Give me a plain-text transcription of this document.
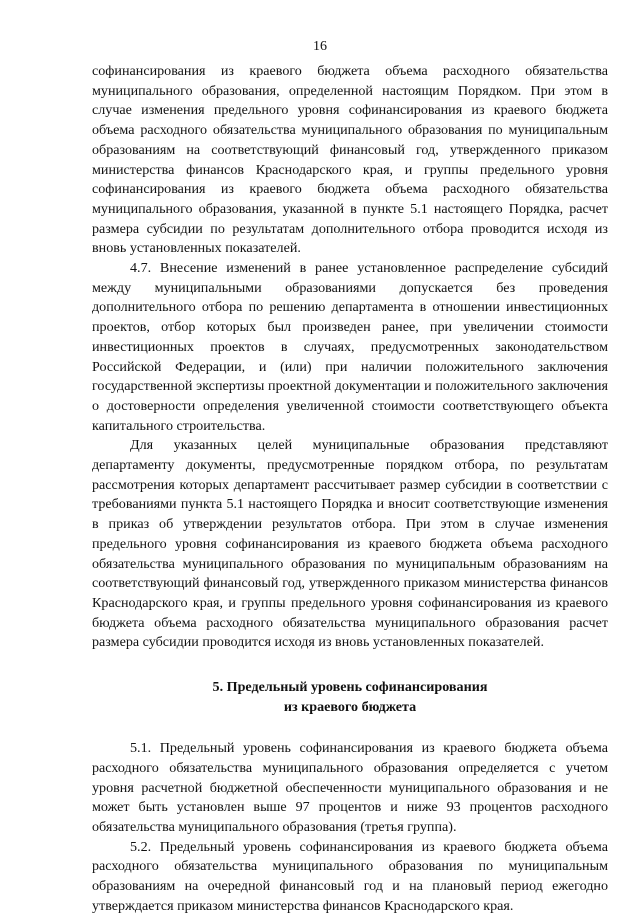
16

софинансирования из краевого бюджета объема расходного обязательства муниципального образования, определенной настоящим Порядком. При этом в случае изменения предельного уровня софинансирования из краевого бюджета объема расходного обязательства муниципального образования по муниципальным образованиям на соответствующий финансовый год, утвержденного приказом министерства финансов Краснодарского края, и группы предельного уровня софинансирования из краевого бюджета объема расходного обязательства муниципального образования, указанной в пункте 5.1 настоящего Порядка, расчет размера субсидии по результатам дополнительного отбора проводится исходя из вновь установленных показателей.

4.7. Внесение изменений в ранее установленное распределение субсидий между муниципальными образованиями допускается без проведения дополнительного отбора по решению департамента в отношении инвестиционных проектов, отбор которых был произведен ранее, при увеличении стоимости инвестиционных проектов в случаях, предусмотренных законодательством Российской Федерации, и (или) при наличии положительного заключения государственной экспертизы проектной документации и положительного заключения о достоверности определения увеличенной стоимости соответствующего объекта капитального строительства.

Для указанных целей муниципальные образования представляют департаменту документы, предусмотренные порядком отбора, по результатам рассмотрения которых департамент рассчитывает размер субсидии в соответствии с требованиями пункта 5.1 настоящего Порядка и вносит соответствующие изменения в приказ об утверждении результатов отбора. При этом в случае изменения предельного уровня софинансирования из краевого бюджета объема расходного обязательства муниципального образования по муниципальным образованиям на соответствующий финансовый год, утвержденного приказом министерства финансов Краснодарского края, и группы предельного уровня софинансирования из краевого бюджета объема расходного обязательства муниципального образования расчет размера субсидии проводится исходя из вновь установленных показателей.

5. Предельный уровень софинансирования
из краевого бюджета

5.1. Предельный уровень софинансирования из краевого бюджета объема расходного обязательства муниципального образования определяется с учетом уровня расчетной бюджетной обеспеченности муниципального образования и не может быть установлен выше 97 процентов и ниже 93 процентов расходного обязательства муниципального образования (третья группа).

5.2. Предельный уровень софинансирования из краевого бюджета объема расходного обязательства муниципального образования по муниципальным образованиям на очередной финансовый год и на плановый период ежегодно утверждается приказом министерства финансов Краснодарского края.
